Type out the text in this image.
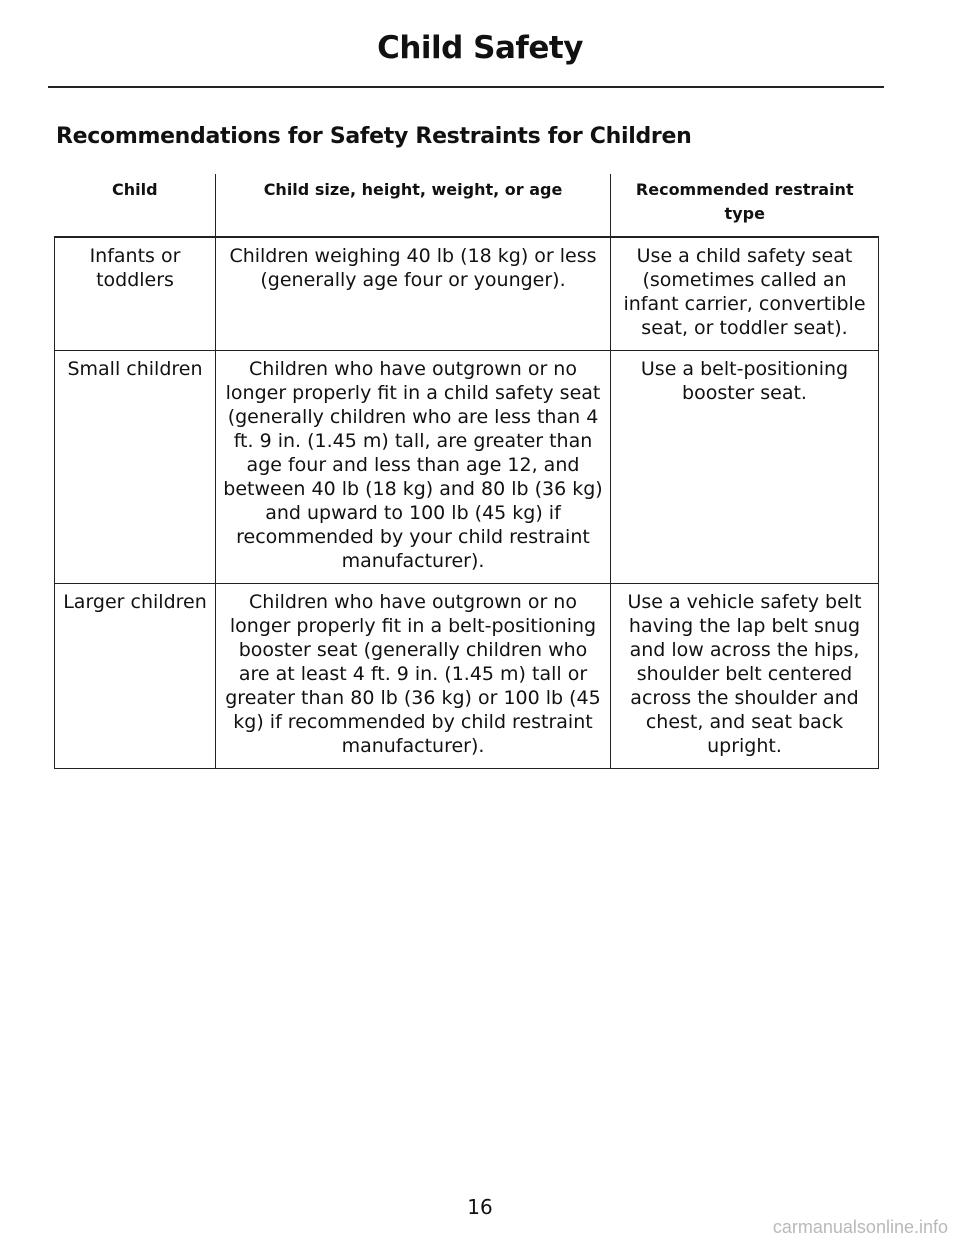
Child Safety
Recommendations for Safety Restraints for Children
Child	Child size, height, weight, or age	Recommended restraint type
Infants or toddlers	Children weighing 40 lb (18 kg) or less (generally age four or younger).	Use a child safety seat (sometimes called an infant carrier, convertible seat, or toddler seat).
Small children	Children who have outgrown or no longer properly fit in a child safety seat (generally children who are less than 4 ft. 9 in. (1.45 m) tall, are greater than age four and less than age 12, and between 40 lb (18 kg) and 80 lb (36 kg) and upward to 100 lb (45 kg) if recommended by your child restraint manufacturer).	Use a belt-positioning booster seat.
Larger children	Children who have outgrown or no longer properly fit in a belt-positioning booster seat (generally children who are at least 4 ft. 9 in. (1.45 m) tall or greater than 80 lb (36 kg) or 100 lb (45 kg) if recommended by child restraint manufacturer).	Use a vehicle safety belt having the lap belt snug and low across the hips, shoulder belt centered across the shoulder and chest, and seat back upright.
16
carmanualsonline.info
